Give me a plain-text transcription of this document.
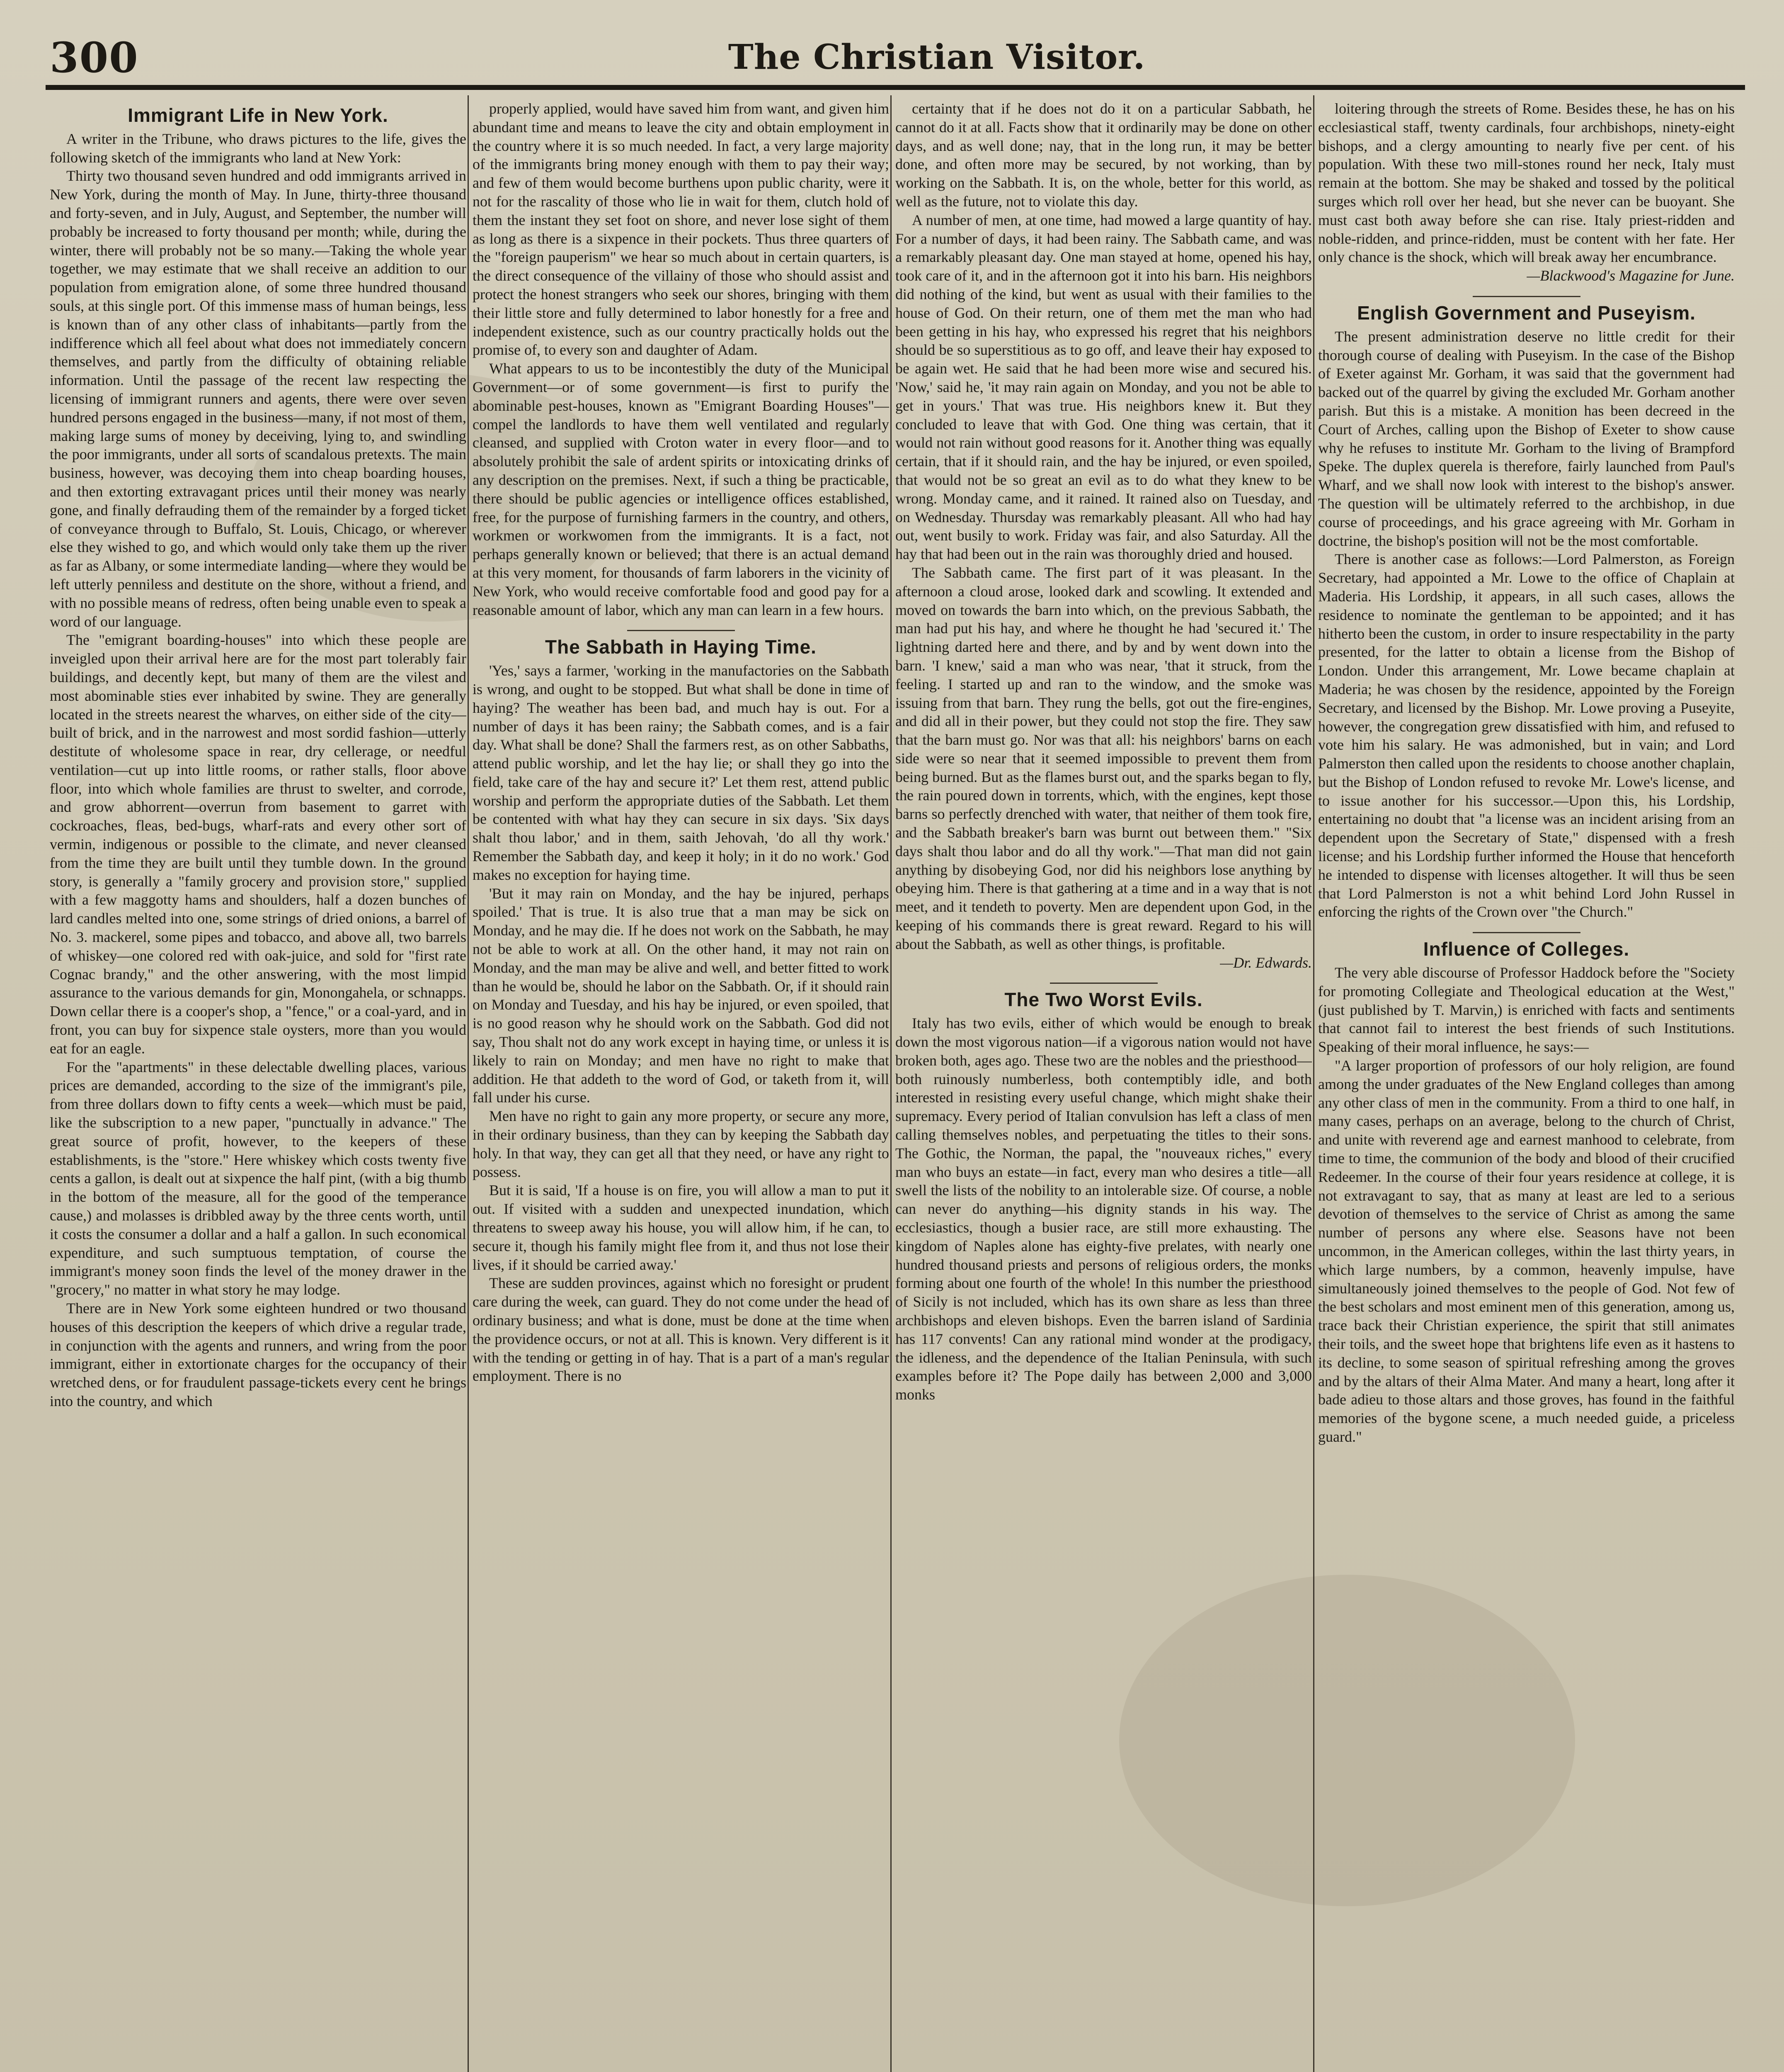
300	The Christian Visitor.
Immigrant Life in New York.

A writer in the Tribune, who draws pictures to the life, gives the following sketch of the immigrants who land at New York:

Thirty two thousand seven hundred and odd immigrants arrived in New York, during the month of May. In June, thirty-three thousand and forty-seven, and in July, August, and September, the number will probably be increased to forty thousand per month; while, during the winter, there will probably not be so many.—Taking the whole year together, we may estimate that we shall receive an addition to our population from emigration alone, of some three hundred thousand souls, at this single port. Of this immense mass of human beings, less is known than of any other class of inhabitants—partly from the indifference which all feel about what does not immediately concern themselves, and partly from the difficulty of obtaining reliable information. Until the passage of the recent law respecting the licensing of immigrant runners and agents, there were over seven hundred persons engaged in the business—many, if not most of them, making large sums of money by deceiving, lying to, and swindling the poor immigrants, under all sorts of scandalous pretexts. The main business, however, was decoying them into cheap boarding houses, and then extorting extravagant prices until their money was nearly gone, and finally defrauding them of the remainder by a forged ticket of conveyance through to Buffalo, St. Louis, Chicago, or wherever else they wished to go, and which would only take them up the river as far as Albany, or some intermediate landing—where they would be left utterly penniless and destitute on the shore, without a friend, and with no possible means of redress, often being unable even to speak a word of our language.

The "emigrant boarding-houses" into which these people are inveigled upon their arrival here are for the most part tolerably fair buildings, and decently kept, but many of them are the vilest and most abominable sties ever inhabited by swine. They are generally located in the streets nearest the wharves, on either side of the city—built of brick, and in the narrowest and most sordid fashion—utterly destitute of wholesome space in rear, dry cellerage, or needful ventilation—cut up into little rooms, or rather stalls, floor above floor, into which whole families are thrust to swelter, and corrode, and grow abhorrent—overrun from basement to garret with cockroaches, fleas, bed-bugs, wharf-rats and every other sort of vermin, indigenous or possible to the climate, and never cleansed from the time they are built until they tumble down. In the ground story, is generally a "family grocery and provision store," supplied with a few maggotty hams and shoulders, half a dozen bunches of lard candles melted into one, some strings of dried onions, a barrel of No. 3. mackerel, some pipes and tobacco, and above all, two barrels of whiskey—one colored red with oak-juice, and sold for "first rate Cognac brandy," and the other answering, with the most limpid assurance to the various demands for gin, Monongahela, or schnapps. Down cellar there is a cooper's shop, a "fence," or a coal-yard, and in front, you can buy for sixpence stale oysters, more than you would eat for an eagle.

For the "apartments" in these delectable dwelling places, various prices are demanded, according to the size of the immigrant's pile, from three dollars down to fifty cents a week—which must be paid, like the subscription to a new paper, "punctually in advance." The great source of profit, however, to the keepers of these establishments, is the "store." Here whiskey which costs twenty five cents a gallon, is dealt out at sixpence the half pint, (with a big thumb in the bottom of the measure, all for the good of the temperance cause,) and molasses is dribbled away by the three cents worth, until it costs the consumer a dollar and a half a gallon. In such economical expenditure, and such sumptuous temptation, of course the immigrant's money soon finds the level of the money drawer in the "grocery," no matter in what story he may lodge.

There are in New York some eighteen hundred or two thousand houses of this description the keepers of which drive a regular trade, in conjunction with the agents and runners, and wring from the poor immigrant, either in extortionate charges for the occupancy of their wretched dens, or for fraudulent passage-tickets every cent he brings into the country, and which

properly applied, would have saved him from want, and given him abundant time and means to leave the city and obtain employment in the country where it is so much needed. In fact, a very large majority of the immigrants bring money enough with them to pay their way; and few of them would become burthens upon public charity, were it not for the rascality of those who lie in wait for them, clutch hold of them the instant they set foot on shore, and never lose sight of them as long as there is a sixpence in their pockets. Thus three quarters of the "foreign pauperism" we hear so much about in certain quarters, is the direct consequence of the villainy of those who should assist and protect the honest strangers who seek our shores, bringing with them their little store and fully determined to labor honestly for a free and independent existence, such as our country practically holds out the promise of, to every son and daughter of Adam.

What appears to us to be incontestibly the duty of the Municipal Government—or of some government—is first to purify the abominable pest-houses, known as "Emigrant Boarding Houses"—compel the landlords to have them well ventilated and regularly cleansed, and supplied with Croton water in every floor—and to absolutely prohibit the sale of ardent spirits or intoxicating drinks of any description on the premises. Next, if such a thing be practicable, there should be public agencies or intelligence offices established, free, for the purpose of furnishing farmers in the country, and others, workmen or workwomen from the immigrants. It is a fact, not perhaps generally known or believed; that there is an actual demand at this very moment, for thousands of farm laborers in the vicinity of New York, who would receive comfortable food and good pay for a reasonable amount of labor, which any man can learn in a few hours.

The Sabbath in Haying Time.

'Yes,' says a farmer, 'working in the manufactories on the Sabbath is wrong, and ought to be stopped. But what shall be done in time of haying? The weather has been bad, and much hay is out. For a number of days it has been rainy; the Sabbath comes, and is a fair day. What shall be done? Shall the farmers rest, as on other Sabbaths, attend public worship, and let the hay lie; or shall they go into the field, take care of the hay and secure it?' Let them rest, attend public worship and perform the appropriate duties of the Sabbath. Let them be contented with what hay they can secure in six days. 'Six days shalt thou labor,' and in them, saith Jehovah, 'do all thy work.' Remember the Sabbath day, and keep it holy; in it do no work.' God makes no exception for haying time.

'But it may rain on Monday, and the hay be injured, perhaps spoiled.' That is true. It is also true that a man may be sick on Monday, and he may die. If he does not work on the Sabbath, he may not be able to work at all. On the other hand, it may not rain on Monday, and the man may be alive and well, and better fitted to work than he would be, should he labor on the Sabbath. Or, if it should rain on Monday and Tuesday, and his hay be injured, or even spoiled, that is no good reason why he should work on the Sabbath. God did not say, Thou shalt not do any work except in haying time, or unless it is likely to rain on Monday; and men have no right to make that addition. He that addeth to the word of God, or taketh from it, will fall under his curse.

Men have no right to gain any more property, or secure any more, in their ordinary business, than they can by keeping the Sabbath day holy. In that way, they can get all that they need, or have any right to possess.

But it is said, 'If a house is on fire, you will allow a man to put it out. If visited with a sudden and unexpected inundation, which threatens to sweep away his house, you will allow him, if he can, to secure it, though his family might flee from it, and thus not lose their lives, if it should be carried away.'

These are sudden provinces, against which no foresight or prudent care during the week, can guard. They do not come under the head of ordinary business; and what is done, must be done at the time when the providence occurs, or not at all. This is known. Very different is it with the tending or getting in of hay. That is a part of a man's regular employment. There is no

certainty that if he does not do it on a particular Sabbath, he cannot do it at all. Facts show that it ordinarily may be done on other days, and as well done; nay, that in the long run, it may be better done, and often more may be secured, by not working, than by working on the Sabbath. It is, on the whole, better for this world, as well as the future, not to violate this day.

A number of men, at one time, had mowed a large quantity of hay. For a number of days, it had been rainy. The Sabbath came, and was a remarkably pleasant day. One man stayed at home, opened his hay, took care of it, and in the afternoon got it into his barn. His neighbors did nothing of the kind, but went as usual with their families to the house of God. On their return, one of them met the man who had been getting in his hay, who expressed his regret that his neighbors should be so superstitious as to go off, and leave their hay exposed to be again wet. He said that he had been more wise and secured his. 'Now,' said he, 'it may rain again on Monday, and you not be able to get in yours.' That was true. His neighbors knew it. But they concluded to leave that with God. One thing was certain, that it would not rain without good reasons for it. Another thing was equally certain, that if it should rain, and the hay be injured, or even spoiled, that would not be so great an evil as to do what they knew to be wrong. Monday came, and it rained. It rained also on Tuesday, and on Wednesday. Thursday was remarkably pleasant. All who had hay out, went busily to work. Friday was fair, and also Saturday. All the hay that had been out in the rain was thoroughly dried and housed.

The Sabbath came. The first part of it was pleasant. In the afternoon a cloud arose, looked dark and scowling. It extended and moved on towards the barn into which, on the previous Sabbath, the man had put his hay, and where he thought he had 'secured it.' The lightning darted here and there, and by and by went down into the barn. 'I knew,' said a man who was near, 'that it struck, from the feeling. I started up and ran to the window, and the smoke was issuing from that barn. They rung the bells, got out the fire-engines, and did all in their power, but they could not stop the fire. They saw that the barn must go. Nor was that all: his neighbors' barns on each side were so near that it seemed impossible to prevent them from being burned. But as the flames burst out, and the sparks began to fly, the rain poured down in torrents, which, with the engines, kept those barns so perfectly drenched with water, that neither of them took fire, and the Sabbath breaker's barn was burnt out between them." "Six days shalt thou labor and do all thy work."—That man did not gain anything by disobeying God, nor did his neighbors lose anything by obeying him. There is that gathering at a time and in a way that is not meet, and it tendeth to poverty. Men are dependent upon God, in the keeping of his commands there is great reward. Regard to his will about the Sabbath, as well as other things, is profitable.

—Dr. Edwards.

The Two Worst Evils.

Italy has two evils, either of which would be enough to break down the most vigorous nation—if a vigorous nation would not have broken both, ages ago. These two are the nobles and the priesthood—both ruinously numberless, both contemptibly idle, and both interested in resisting every useful change, which might shake their supremacy. Every period of Italian convulsion has left a class of men calling themselves nobles, and perpetuating the titles to their sons. The Gothic, the Norman, the papal, the "nouveaux riches," every man who buys an estate—in fact, every man who desires a title—all swell the lists of the nobility to an intolerable size. Of course, a noble can never do anything—his dignity stands in his way. The ecclesiastics, though a busier race, are still more exhausting. The kingdom of Naples alone has eighty-five prelates, with nearly one hundred thousand priests and persons of religious orders, the monks forming about one fourth of the whole! In this number the priesthood of Sicily is not included, which has its own share as less than three archbishops and eleven bishops. Even the barren island of Sardinia has 117 convents! Can any rational mind wonder at the prodigacy, the idleness, and the dependence of the Italian Peninsula, with such examples before it? The Pope daily has between 2,000 and 3,000 monks

loitering through the streets of Rome. Besides these, he has on his ecclesiastical staff, twenty cardinals, four archbishops, ninety-eight bishops, and a clergy amounting to nearly five per cent. of his population. With these two mill-stones round her neck, Italy must remain at the bottom. She may be shaked and tossed by the political surges which roll over her head, but she never can be buoyant. She must cast both away before she can rise. Italy priest-ridden and noble-ridden, and prince-ridden, must be content with her fate. Her only chance is the shock, which will break away her encumbrance.

—Blackwood's Magazine for June.

English Government and Puseyism.

The present administration deserve no little credit for their thorough course of dealing with Puseyism. In the case of the Bishop of Exeter against Mr. Gorham, it was said that the government had backed out of the quarrel by giving the excluded Mr. Gorham another parish. But this is a mistake. A monition has been decreed in the Court of Arches, calling upon the Bishop of Exeter to show cause why he refuses to institute Mr. Gorham to the living of Brampford Speke. The duplex querela is therefore, fairly launched from Paul's Wharf, and we shall now look with interest to the bishop's answer. The question will be ultimately referred to the archbishop, in due course of proceedings, and his grace agreeing with Mr. Gorham in doctrine, the bishop's position will not be the most comfortable.

There is another case as follows:—Lord Palmerston, as Foreign Secretary, had appointed a Mr. Lowe to the office of Chaplain at Maderia. His Lordship, it appears, in all such cases, allows the residence to nominate the gentleman to be appointed; and it has hitherto been the custom, in order to insure respectability in the party presented, for the latter to obtain a license from the Bishop of London. Under this arrangement, Mr. Lowe became chaplain at Maderia; he was chosen by the residence, appointed by the Foreign Secretary, and licensed by the Bishop. Mr. Lowe proving a Puseyite, however, the congregation grew dissatisfied with him, and refused to vote him his salary. He was admonished, but in vain; and Lord Palmerston then called upon the residents to choose another chaplain, but the Bishop of London refused to revoke Mr. Lowe's license, and to issue another for his successor.—Upon this, his Lordship, entertaining no doubt that "a license was an incident arising from an dependent upon the Secretary of State," dispensed with a fresh license; and his Lordship further informed the House that henceforth he intended to dispense with licenses altogether. It will thus be seen that Lord Palmerston is not a whit behind Lord John Russel in enforcing the rights of the Crown over "the Church."

Influence of Colleges.

The very able discourse of Professor Haddock before the "Society for promoting Collegiate and Theological education at the West," (just published by T. Marvin,) is enriched with facts and sentiments that cannot fail to interest the best friends of such Institutions. Speaking of their moral influence, he says:—

"A larger proportion of professors of our holy religion, are found among the under graduates of the New England colleges than among any other class of men in the community. From a third to one half, in many cases, perhaps on an average, belong to the church of Christ, and unite with reverend age and earnest manhood to celebrate, from time to time, the communion of the body and blood of their crucified Redeemer. In the course of their four years residence at college, it is not extravagant to say, that as many at least are led to a serious devotion of themselves to the service of Christ as among the same number of persons any where else. Seasons have not been uncommon, in the American colleges, within the last thirty years, in which large numbers, by a common, heavenly impulse, have simultaneously joined themselves to the people of God. Not few of the best scholars and most eminent men of this generation, among us, trace back their Christian experience, the spirit that still animates their toils, and the sweet hope that brightens life even as it hastens to its decline, to some season of spiritual refreshing among the groves and by the altars of their Alma Mater. And many a heart, long after it bade adieu to those altars and those groves, has found in the faithful memories of the bygone scene, a much needed guide, a priceless guard."
